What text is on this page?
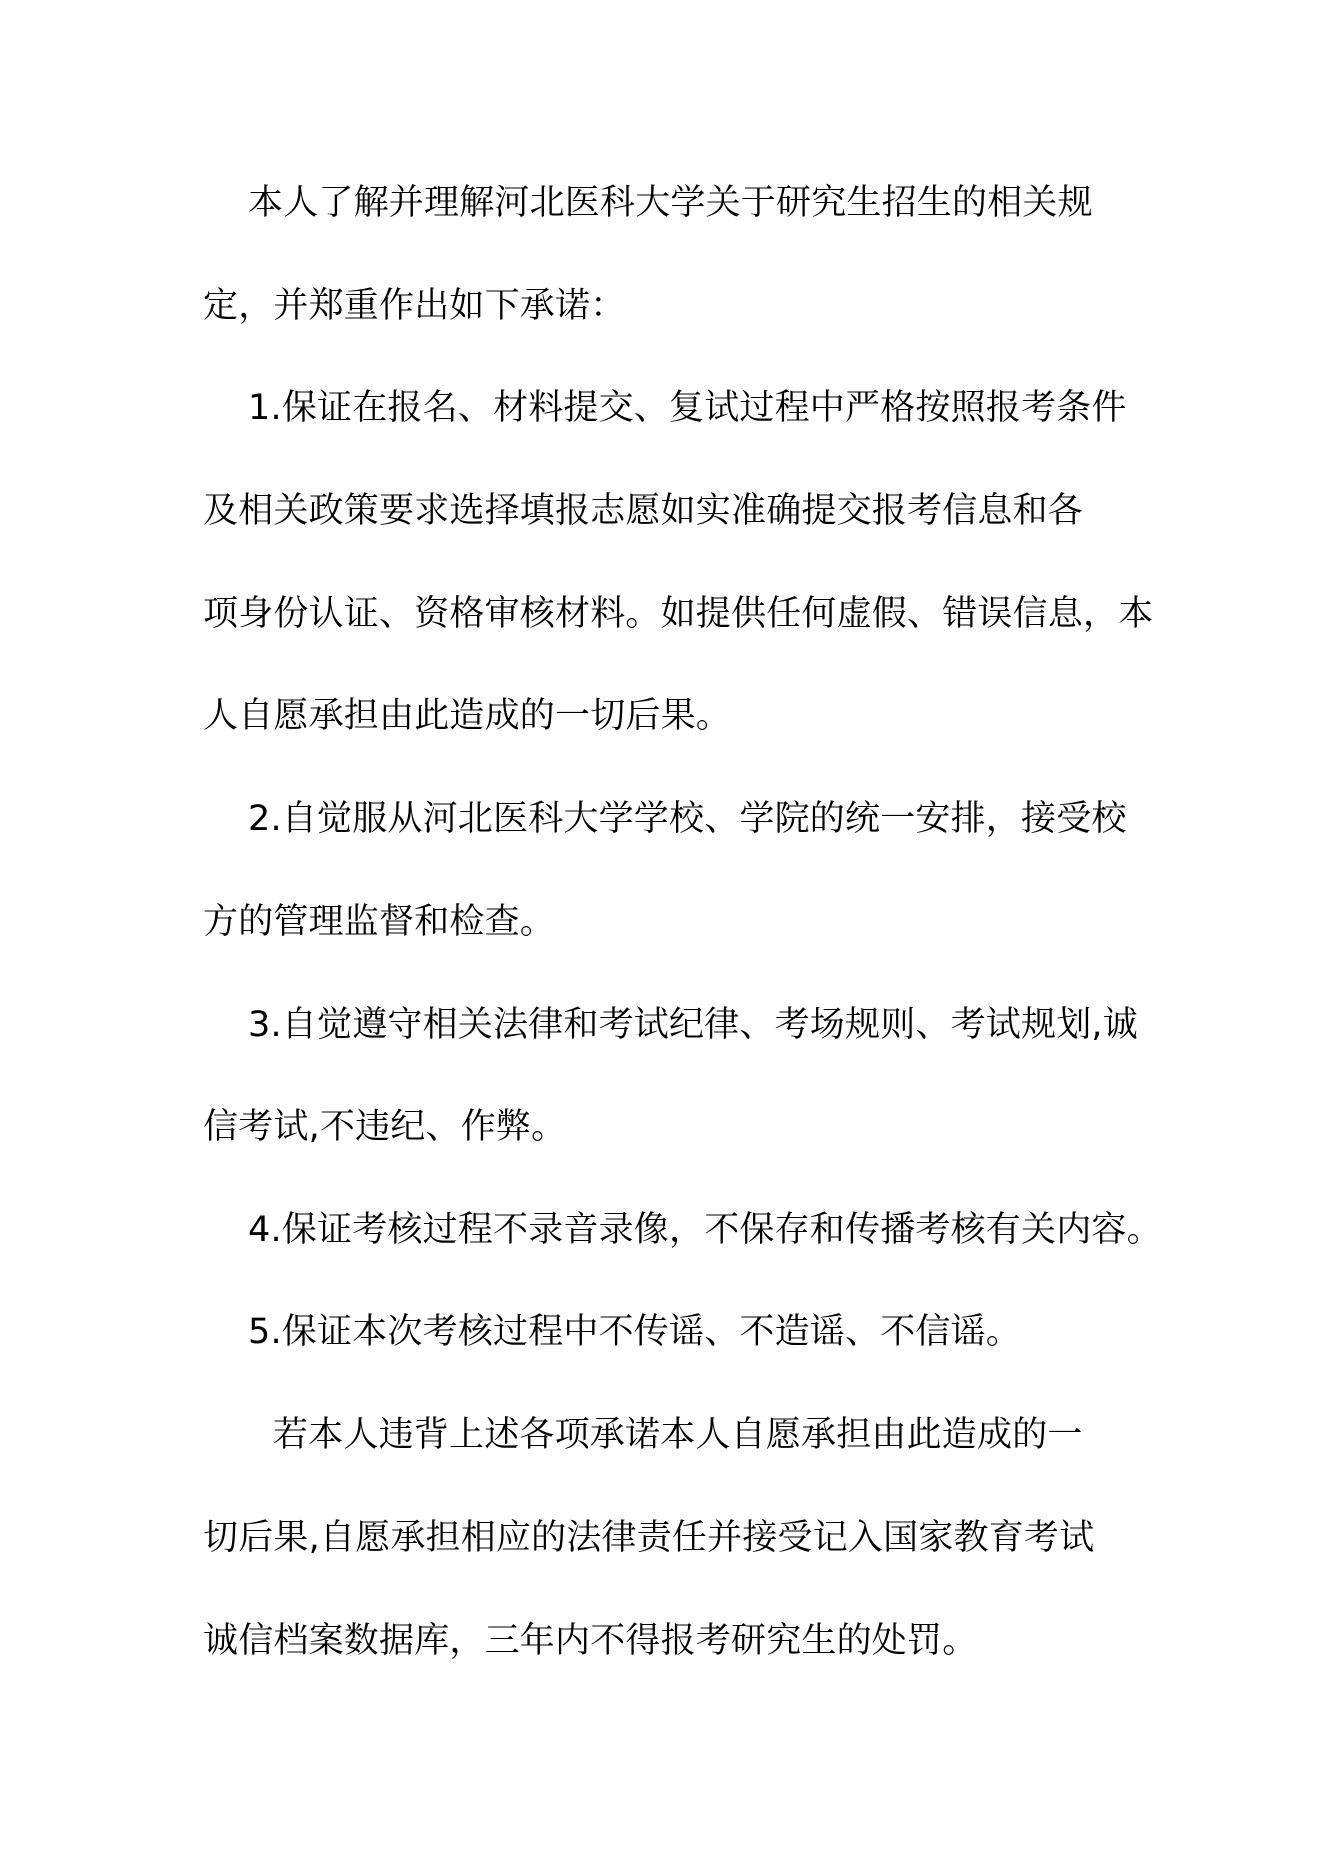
本人了解并理解河北医科大学关于研究生招生的相关规

定，并郑重作出如下承诺：

1.保证在报名、材料提交、复试过程中严格按照报考条件

及相关政策要求选择填报志愿如实准确提交报考信息和各

项身份认证、资格审核材料。如提供任何虚假、错误信息，本

人自愿承担由此造成的一切后果。

2.自觉服从河北医科大学学校、学院的统一安排，接受校

方的管理监督和检查。

3.自觉遵守相关法律和考试纪律、考场规则、考试规划,诚

信考试,不违纪、作弊。

4.保证考核过程不录音录像，不保存和传播考核有关内容。

5.保证本次考核过程中不传谣、不造谣、不信谣。

若本人违背上述各项承诺本人自愿承担由此造成的一

切后果,自愿承担相应的法律责任并接受记入国家教育考试

诚信档案数据库，三年内不得报考研究生的处罚。
